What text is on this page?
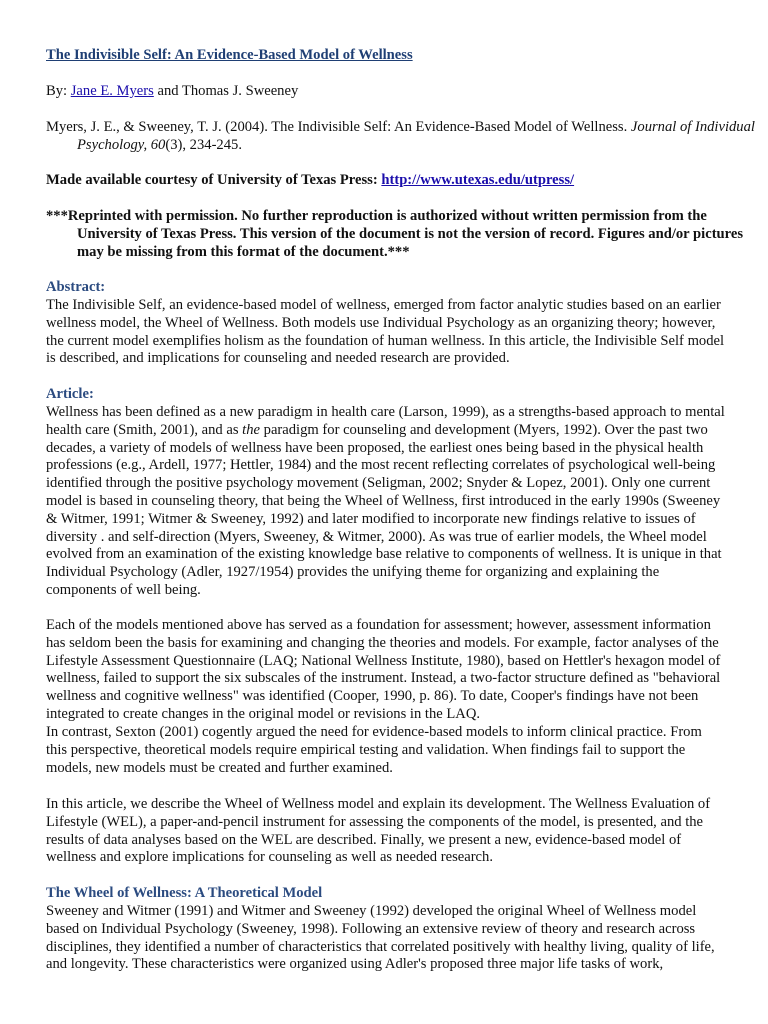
The Indivisible Self: An Evidence-Based Model of Wellness

By: Jane E. Myers and Thomas J. Sweeney

Myers, J. E., & Sweeney, T. J. (2004). The Indivisible Self: An Evidence-Based Model of Wellness. Journal of Individual Psychology, 60(3), 234-245.

Made available courtesy of University of Texas Press: http://www.utexas.edu/utpress/

***Reprinted with permission. No further reproduction is authorized without written permission from the University of Texas Press. This version of the document is not the version of record. Figures and/or pictures may be missing from this format of the document.***

Abstract:

The Indivisible Self, an evidence-based model of wellness, emerged from factor analytic studies based on an earlier wellness model, the Wheel of Wellness. Both models use Individual Psychology as an organizing theory; however, the current model exemplifies holism as the foundation of human wellness. In this article, the Indivisible Self model is described, and implications for counseling and needed research are provided.

Article:

Wellness has been defined as a new paradigm in health care (Larson, 1999), as a strengths-based approach to mental health care (Smith, 2001), and as the paradigm for counseling and development (Myers, 1992). Over the past two decades, a variety of models of wellness have been proposed, the earliest ones being based in the physical health professions (e.g., Ardell, 1977; Hettler, 1984) and the most recent reflecting correlates of psychological well-being identified through the positive psychology movement (Seligman, 2002; Snyder & Lopez, 2001). Only one current model is based in counseling theory, that being the Wheel of Wellness, first introduced in the early 1990s (Sweeney & Witmer, 1991; Witmer & Sweeney, 1992) and later modified to incorporate new findings relative to issues of diversity . and self-direction (Myers, Sweeney, & Witmer, 2000). As was true of earlier models, the Wheel model evolved from an examination of the existing knowledge base relative to components of wellness. It is unique in that Individual Psychology (Adler, 1927/1954) provides the unifying theme for organizing and explaining the components of well being.

Each of the models mentioned above has served as a foundation for assessment; however, assessment information has seldom been the basis for examining and changing the theories and models. For example, factor analyses of the Lifestyle Assessment Questionnaire (LAQ; National Wellness Institute, 1980), based on Hettler's hexagon model of wellness, failed to support the six subscales of the instrument. Instead, a two-factor structure defined as "behavioral wellness and cognitive wellness" was identified (Cooper, 1990, p. 86). To date, Cooper's findings have not been integrated to create changes in the original model or revisions in the LAQ.

In contrast, Sexton (2001) cogently argued the need for evidence-based models to inform clinical practice. From this perspective, theoretical models require empirical testing and validation. When findings fail to support the models, new models must be created and further examined.

In this article, we describe the Wheel of Wellness model and explain its development. The Wellness Evaluation of Lifestyle (WEL), a paper-and-pencil instrument for assessing the components of the model, is presented, and the results of data analyses based on the WEL are described. Finally, we present a new, evidence-based model of wellness and explore implications for counseling as well as needed research.

The Wheel of Wellness: A Theoretical Model

Sweeney and Witmer (1991) and Witmer and Sweeney (1992) developed the original Wheel of Wellness model based on Individual Psychology (Sweeney, 1998). Following an extensive review of theory and research across disciplines, they identified a number of characteristics that correlated positively with healthy living, quality of life, and longevity. These characteristics were organized using Adler's proposed three major life tasks of work,
